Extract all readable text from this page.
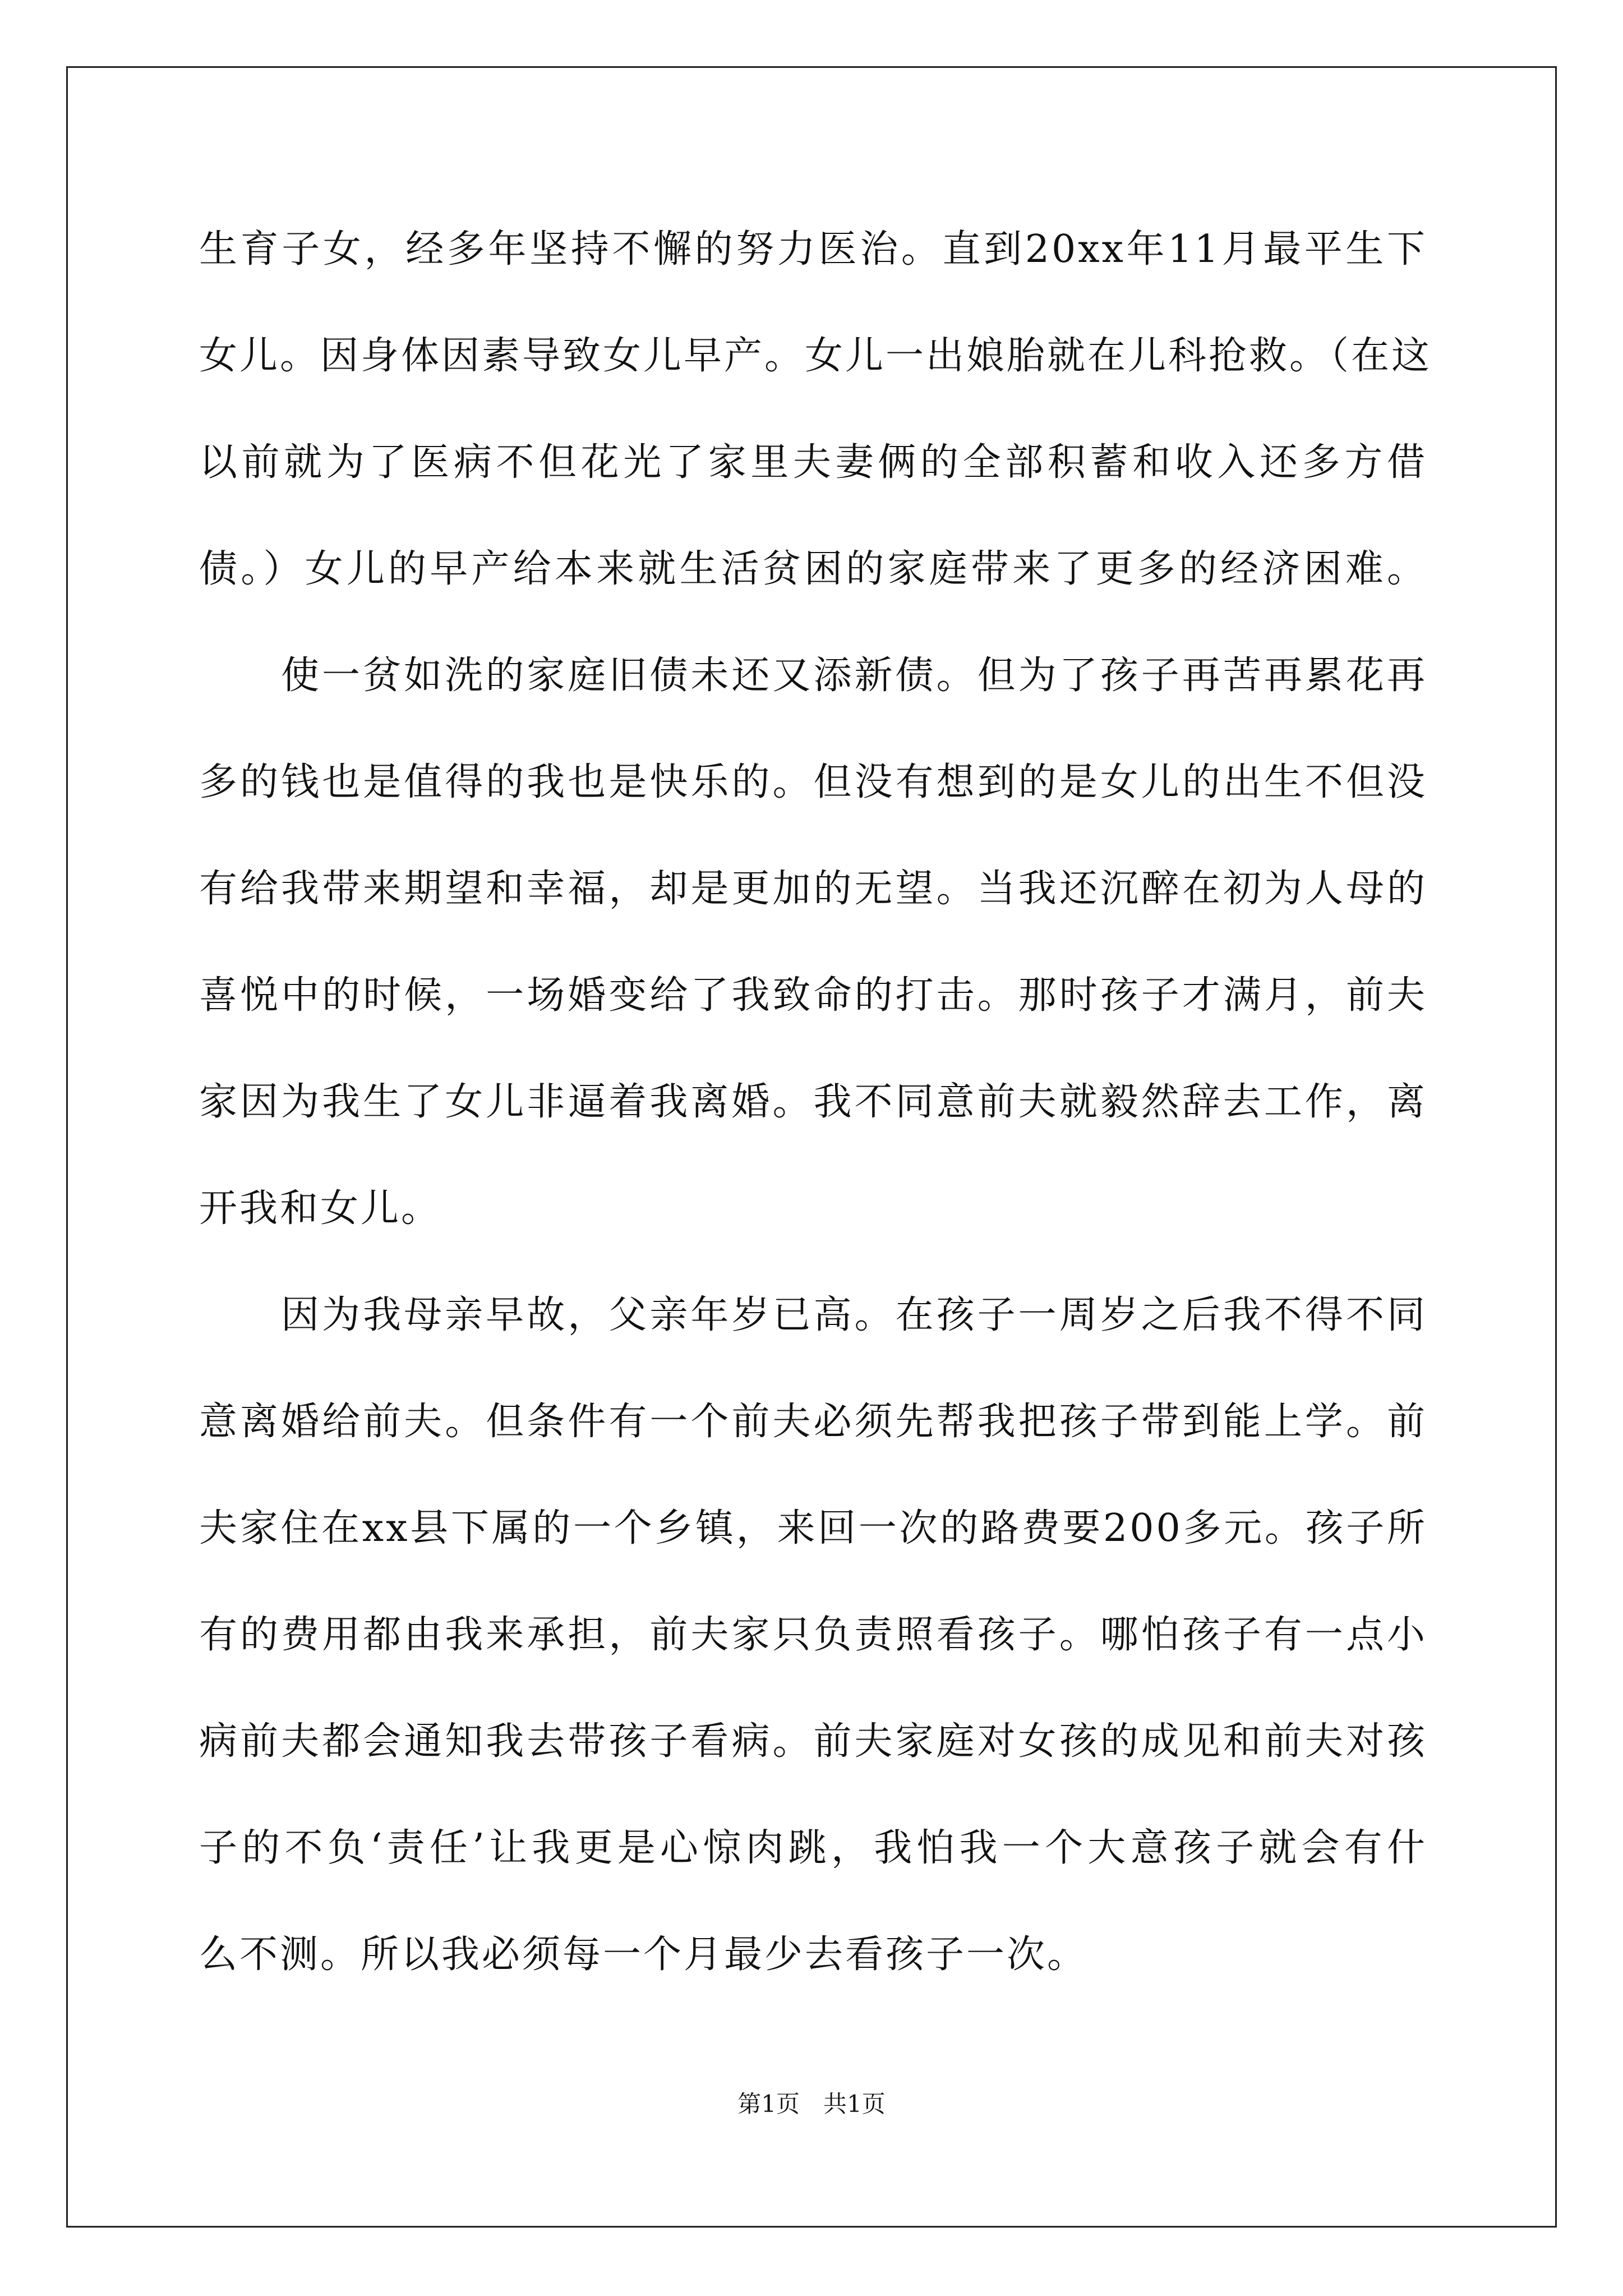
生育子女，经多年坚持不懈的努力医治。直到20xx年11月最平生下
女儿。因身体因素导致女儿早产。女儿一出娘胎就在儿科抢救。（在这
以前就为了医病不但花光了家里夫妻俩的全部积蓄和收入还多方借
债。）女儿的早产给本来就生活贫困的家庭带来了更多的经济困难。
使一贫如洗的家庭旧债未还又添新债。但为了孩子再苦再累花再
多的钱也是值得的我也是快乐的。但没有想到的是女儿的出生不但没
有给我带来期望和幸福，却是更加的无望。当我还沉醉在初为人母的
喜悦中的时候，一场婚变给了我致命的打击。那时孩子才满月，前夫
家因为我生了女儿非逼着我离婚。我不同意前夫就毅然辞去工作，离
开我和女儿。
因为我母亲早故，父亲年岁已高。在孩子一周岁之后我不得不同
意离婚给前夫。但条件有一个前夫必须先帮我把孩子带到能上学。前
夫家住在xx县下属的一个乡镇，来回一次的路费要200多元。孩子所
有的费用都由我来承担，前夫家只负责照看孩子。哪怕孩子有一点小
病前夫都会通知我去带孩子看病。前夫家庭对女孩的成见和前夫对孩
子的不负‘责任’让我更是心惊肉跳，我怕我一个大意孩子就会有什
么不测。所以我必须每一个月最少去看孩子一次。
第1页　共1页
